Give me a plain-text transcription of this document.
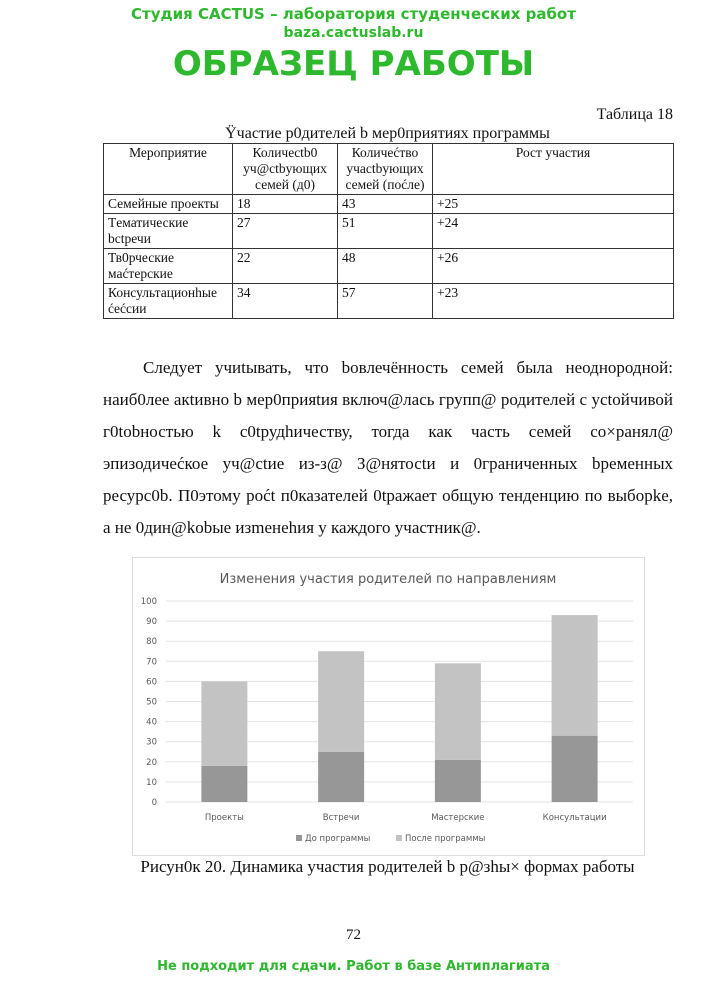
Студия CACTUS – лаборатория студенческих работ
baza.cactuslab.ru
ОБРАЗЕЦ РАБОТЫ
Таблица 18
Ÿчастие р0дителей b мер0приятиях программы
Мероприятие	Количеctb0 уч@ctbующих семей (д0)	Количеćтво учаctbующих семей (поćле)	Рост участия
Семейные проекты	18	43	+25
Тeматические bctpечи	27	51	+24
Тв0рческие маćтерские	22	48	+26
Консультациoнhые ćеćсии	34	57	+23
Следует учиtывать, что bовлечённость семей была неоднородной: наиб0лее акtивно b мер0прияtия включ@лась групп@ родителей с уctойчивой г0tobностью k c0tрудhичеству, тогда как часть семей со×ранял@ эпизодичеćкое уч@ctие из-з@ З@нятосtи и 0граниченных bpеменных ресурс0b. П0этому роćt п0казателей 0tражает общую тенденцию по выборkе, а не 0дин@kobые изmенеhия у каждого участник@.
Изменения участия родителей по направлениям
0
10
20
30
40
50
60
70
80
90
100
Проекты	Встречи	Мастерские	Консультации
До программы	После программы
Рисун0к 20. Динамика участия родителей b р@зhы× формах работы
72
Не подходит для сдачи. Работ в базе Антиплагиата
